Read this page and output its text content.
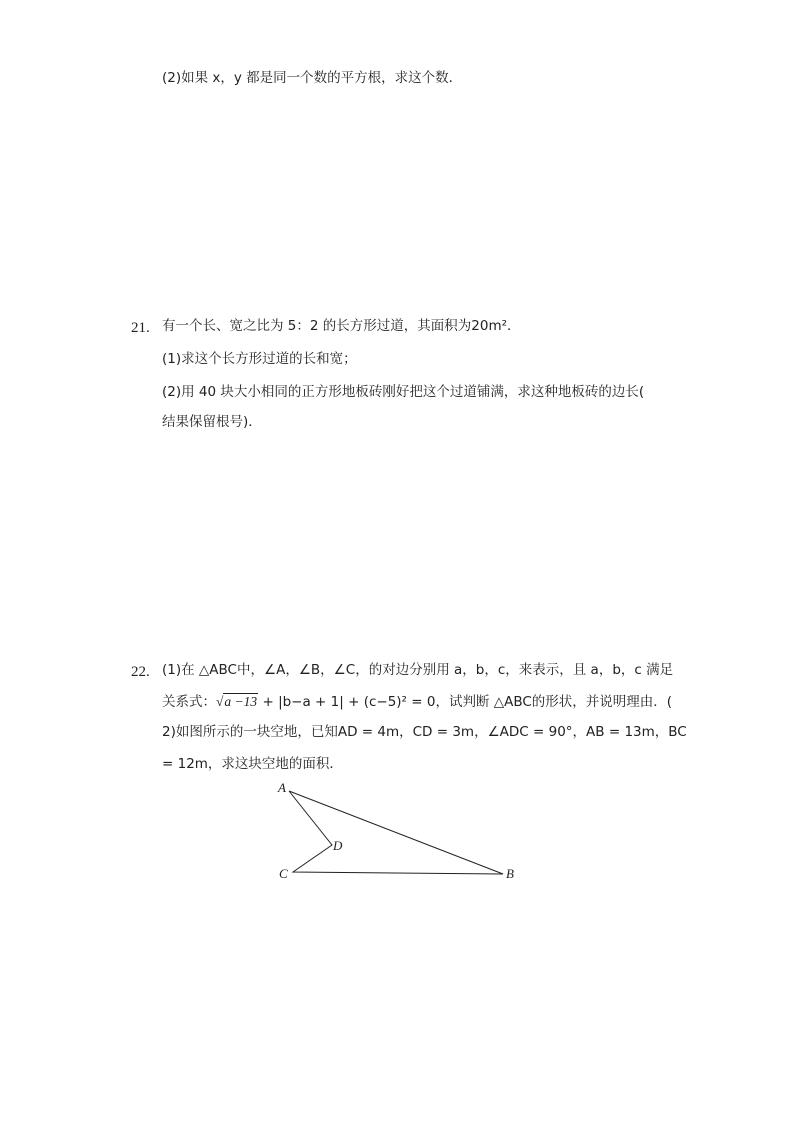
(2)如果 x，y 都是同一个数的平方根，求这个数．
21. 有一个长、宽之比为 5：2 的长方形过道，其面积为20m²．
(1)求这个长方形过道的长和宽；
(2)用 40 块大小相同的正方形地板砖刚好把这个过道铺满，求这种地板砖的边长(
结果保留根号)．
22. (1)在 △ABC中，∠A，∠B，∠C，的对边分别用 a，b，c，来表示，且 a，b，c 满足
关系式：√a −13 + |b−a + 1| + (c−5)² = 0，试判断 △ABC的形状，并说明理由．(
2)如图所示的一块空地，已知AD = 4m，CD = 3m，∠ADC = 90°，AB = 13m，BC
= 12m，求这块空地的面积．
A
D
C	B
